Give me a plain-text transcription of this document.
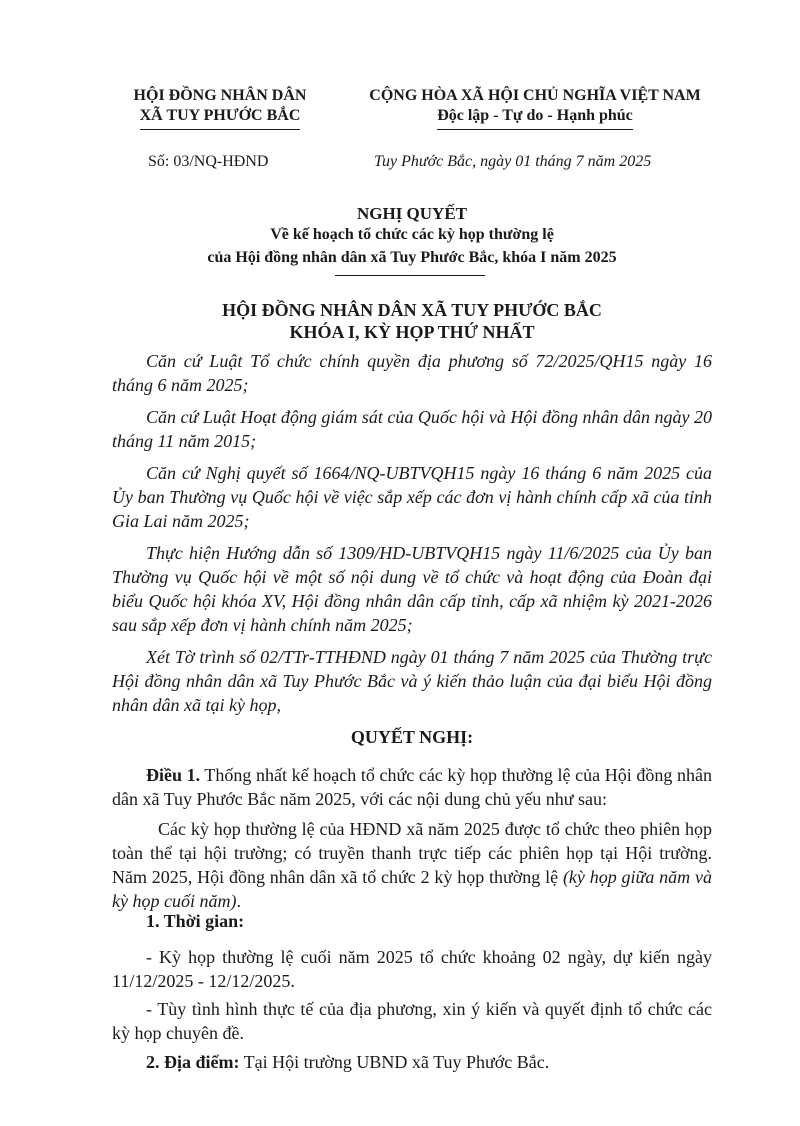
HỘI ĐỒNG NHÂN DÂN
XÃ TUY PHƯỚC BẮC
CỘNG HÒA XÃ HỘI CHỦ NGHĨA VIỆT NAM
Độc lập - Tự do - Hạnh phúc
Số: 03/NQ-HĐND	Tuy Phước Bắc, ngày 01 tháng 7 năm 2025
NGHỊ QUYẾT
Về kế hoạch tổ chức các kỳ họp thường lệ
của Hội đồng nhân dân xã Tuy Phước Bắc, khóa I năm 2025
HỘI ĐỒNG NHÂN DÂN XÃ TUY PHƯỚC BẮC
KHÓA I, KỲ HỌP THỨ NHẤT
Căn cứ Luật Tổ chức chính quyền địa phương số 72/2025/QH15 ngày 16 tháng 6 năm 2025;
Căn cứ Luật Hoạt động giám sát của Quốc hội và Hội đồng nhân dân ngày 20 tháng 11 năm 2015;
Căn cứ Nghị quyết số 1664/NQ-UBTVQH15 ngày 16 tháng 6 năm 2025 của Ủy ban Thường vụ Quốc hội về việc sắp xếp các đơn vị hành chính cấp xã của tỉnh Gia Lai năm 2025;
Thực hiện Hướng dẫn số 1309/HD-UBTVQH15 ngày 11/6/2025 của Ủy ban Thường vụ Quốc hội về một số nội dung về tổ chức và hoạt động của Đoàn đại biểu Quốc hội khóa XV, Hội đồng nhân dân cấp tỉnh, cấp xã nhiệm kỳ 2021-2026 sau sắp xếp đơn vị hành chính năm 2025;
Xét Tờ trình số 02/TTr-TTHĐND ngày 01 tháng 7 năm 2025 của Thường trực Hội đồng nhân dân xã Tuy Phước Bắc và ý kiến thảo luận của đại biểu Hội đồng nhân dân xã tại kỳ họp,
QUYẾT NGHỊ:
Điều 1. Thống nhất kế hoạch tổ chức các kỳ họp thường lệ của Hội đồng nhân dân xã Tuy Phước Bắc năm 2025, với các nội dung chủ yếu như sau:
Các kỳ họp thường lệ của HĐND xã năm 2025 được tổ chức theo phiên họp toàn thể tại hội trường; có truyền thanh trực tiếp các phiên họp tại Hội trường. Năm 2025, Hội đồng nhân dân xã tổ chức 2 kỳ họp thường lệ (kỳ họp giữa năm và kỳ họp cuối năm).
1. Thời gian:
- Kỳ họp thường lệ cuối năm 2025 tổ chức khoảng 02 ngày, dự kiến ngày 11/12/2025 - 12/12/2025.
- Tùy tình hình thực tế của địa phương, xin ý kiến và quyết định tổ chức các kỳ họp chuyên đề.
2. Địa điểm: Tại Hội trường UBND xã Tuy Phước Bắc.
